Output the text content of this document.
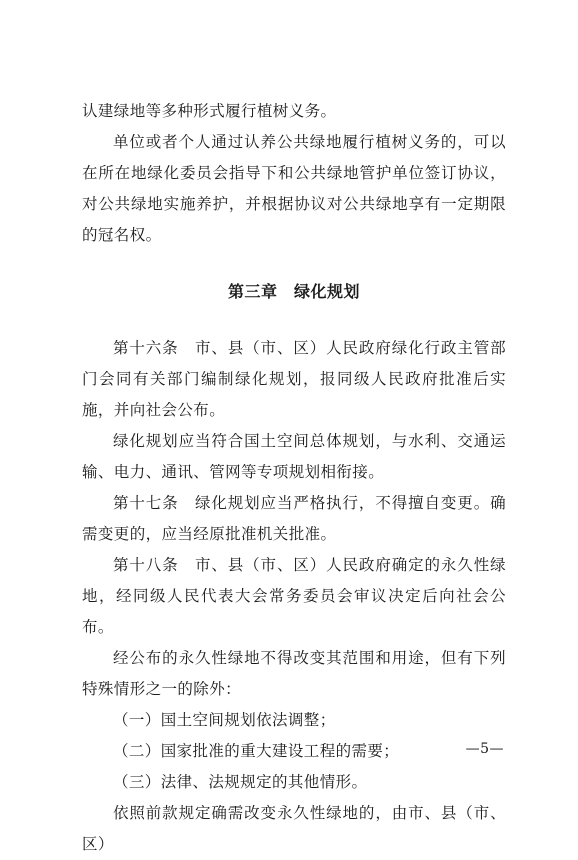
认建绿地等多种形式履行植树义务。

单位或者个人通过认养公共绿地履行植树义务的，可以在所在地绿化委员会指导下和公共绿地管护单位签订协议，对公共绿地实施养护，并根据协议对公共绿地享有一定期限的冠名权。

第三章　绿化规划

第十六条　市、县（市、区）人民政府绿化行政主管部门会同有关部门编制绿化规划，报同级人民政府批准后实施，并向社会公布。

绿化规划应当符合国土空间总体规划，与水利、交通运输、电力、通讯、管网等专项规划相衔接。

第十七条　绿化规划应当严格执行，不得擅自变更。确需变更的，应当经原批准机关批准。

第十八条　市、县（市、区）人民政府确定的永久性绿地，经同级人民代表大会常务委员会审议决定后向社会公布。

经公布的永久性绿地不得改变其范围和用途，但有下列特殊情形之一的除外：

（一）国土空间规划依法调整；

（二）国家批准的重大建设工程的需要；

（三）法律、法规规定的其他情形。

依照前款规定确需改变永久性绿地的，由市、县（市、区）

—5—
